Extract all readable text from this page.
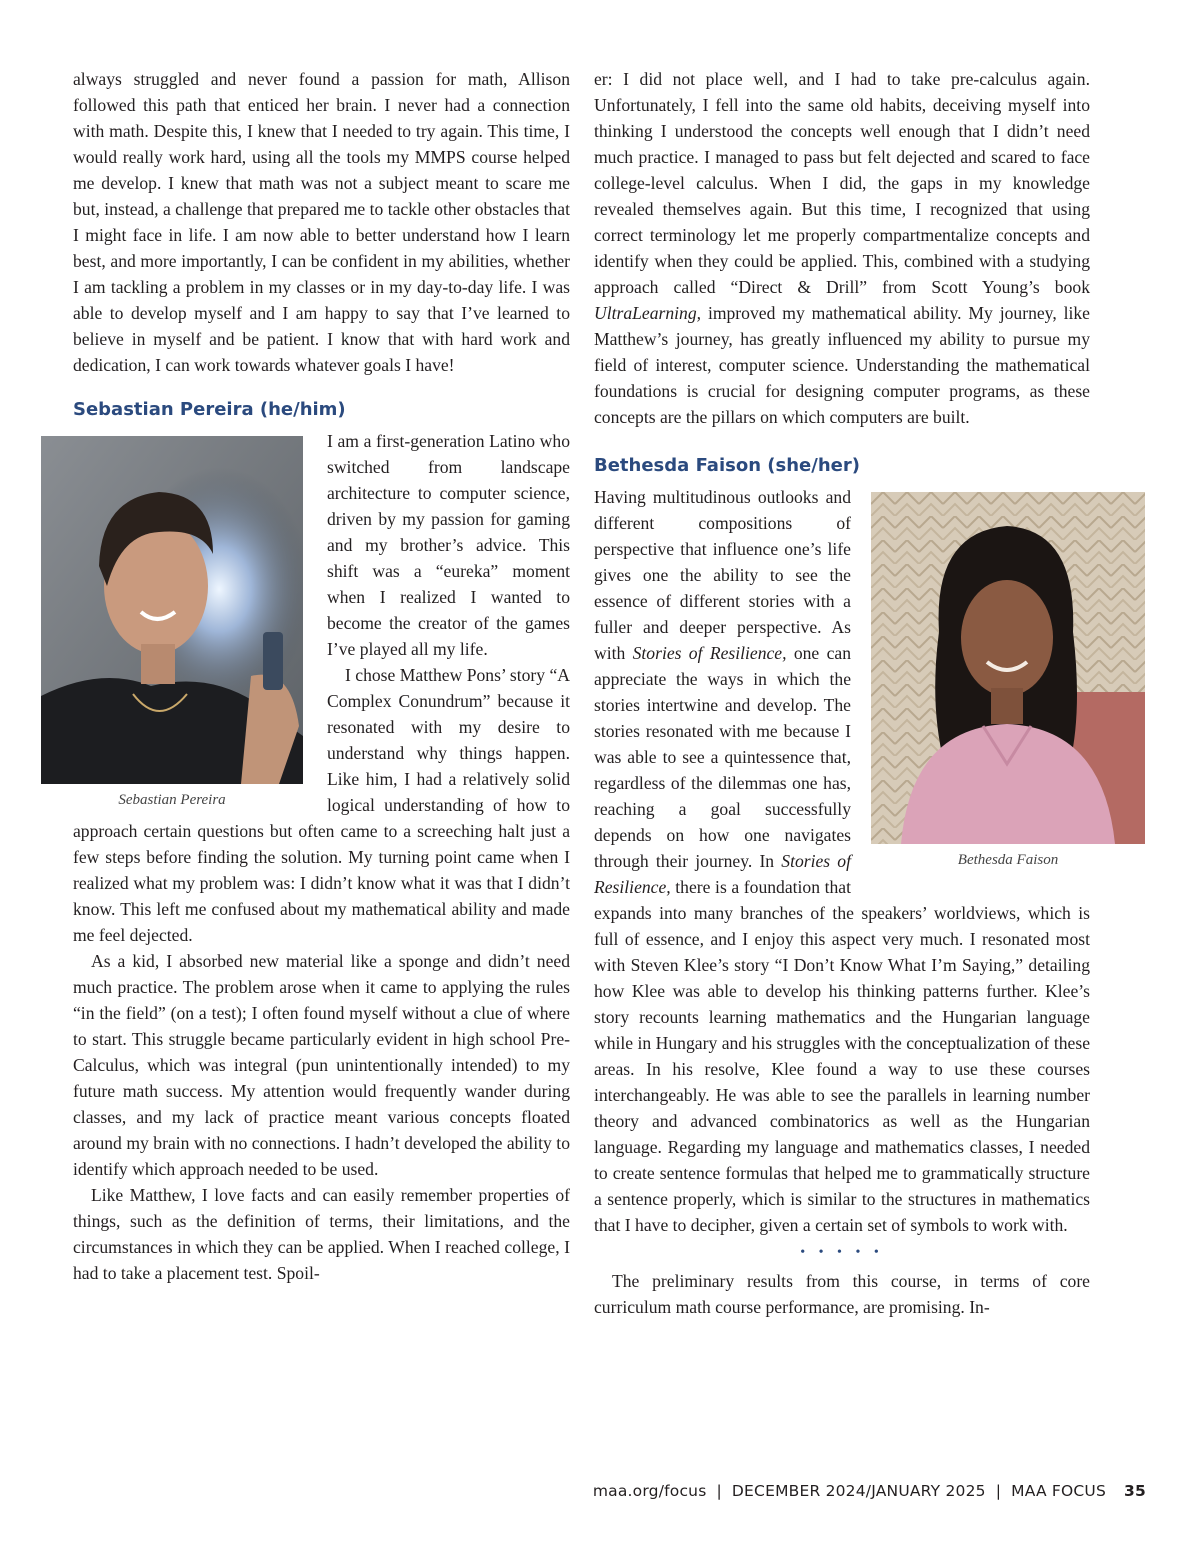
always struggled and never found a passion for math, Allison followed this path that enticed her brain. I never had a connection with math. Despite this, I knew that I needed to try again. This time, I would really work hard, using all the tools my MMPS course helped me develop. I knew that math was not a subject meant to scare me but, instead, a challenge that prepared me to tackle other obstacles that I might face in life. I am now able to better understand how I learn best, and more importantly, I can be confident in my abilities, whether I am tackling a problem in my classes or in my day-to-day life. I was able to develop myself and I am happy to say that I’ve learned to believe in myself and be patient. I know that with hard work and dedication, I can work towards whatever goals I have!

Sebastian Pereira (he/him)
Sebastian Pereira

I am a first-generation Latino who switched from landscape architecture to computer science, driven by my passion for gaming and my brother’s advice. This shift was a “eureka” moment when I realized I wanted to become the creator of the games I’ve played all my life.

I chose Matthew Pons’ story “A Complex Conundrum” because it resonated with my desire to understand why things happen. Like him, I had a relatively solid logical understanding of how to approach certain questions but often came to a screeching halt just a few steps before finding the solution. My turning point came when I realized what my problem was: I didn’t know what it was that I didn’t know. This left me confused about my mathematical ability and made me feel dejected.

As a kid, I absorbed new material like a sponge and didn’t need much practice. The problem arose when it came to applying the rules “in the field” (on a test); I often found myself without a clue of where to start. This struggle became particularly evident in high school Pre-Calculus, which was integral (pun unintentionally intended) to my future math success. My attention would frequently wander during classes, and my lack of practice meant various concepts floated around my brain with no connections. I hadn’t developed the ability to identify which approach needed to be used.

Like Matthew, I love facts and can easily remember properties of things, such as the definition of terms, their limitations, and the circumstances in which they can be applied. When I reached college, I had to take a placement test. Spoil-

er: I did not place well, and I had to take pre-calculus again. Unfortunately, I fell into the same old habits, deceiving myself into thinking I understood the concepts well enough that I didn’t need much practice. I managed to pass but felt dejected and scared to face college-level calculus. When I did, the gaps in my knowledge revealed themselves again. But this time, I recognized that using correct terminology let me properly compartmentalize concepts and identify when they could be applied. This, combined with a studying approach called “Direct & Drill” from Scott Young’s book UltraLearning, improved my mathematical ability. My journey, like Matthew’s journey, has greatly influenced my ability to pursue my field of interest, computer science. Understanding the mathematical foundations is crucial for designing computer programs, as these concepts are the pillars on which computers are built.

Bethesda Faison (she/her)
Bethesda Faison

Having multitudinous outlooks and different compositions of perspective that influence one’s life gives one the ability to see the essence of different stories with a fuller and deeper perspective. As with Stories of Resilience, one can appreciate the ways in which the stories intertwine and develop. The stories resonated with me because I was able to see a quintessence that, regardless of the dilemmas one has, reaching a goal successfully depends on how one navigates through their journey. In Stories of Resilience, there is a foundation that expands into many branches of the speakers’ worldviews, which is full of essence, and I enjoy this aspect very much. I resonated most with Steven Klee’s story “I Don’t Know What I’m Saying,” detailing how Klee was able to develop his thinking patterns further. Klee’s story recounts learning mathematics and the Hungarian language while in Hungary and his struggles with the conceptualization of these areas. In his resolve, Klee found a way to use these courses interchangeably. He was able to see the parallels in learning number theory and advanced combinatorics as well as the Hungarian language. Regarding my language and mathematics classes, I needed to create sentence formulas that helped me to grammatically structure a sentence properly, which is similar to the structures in mathematics that I have to decipher, given a certain set of symbols to work with.

• • • • •

The preliminary results from this course, in terms of core curriculum math course performance, are promising. In-

maa.org/focus | DECEMBER 2024/JANUARY 2025 | MAA FOCUS 35
